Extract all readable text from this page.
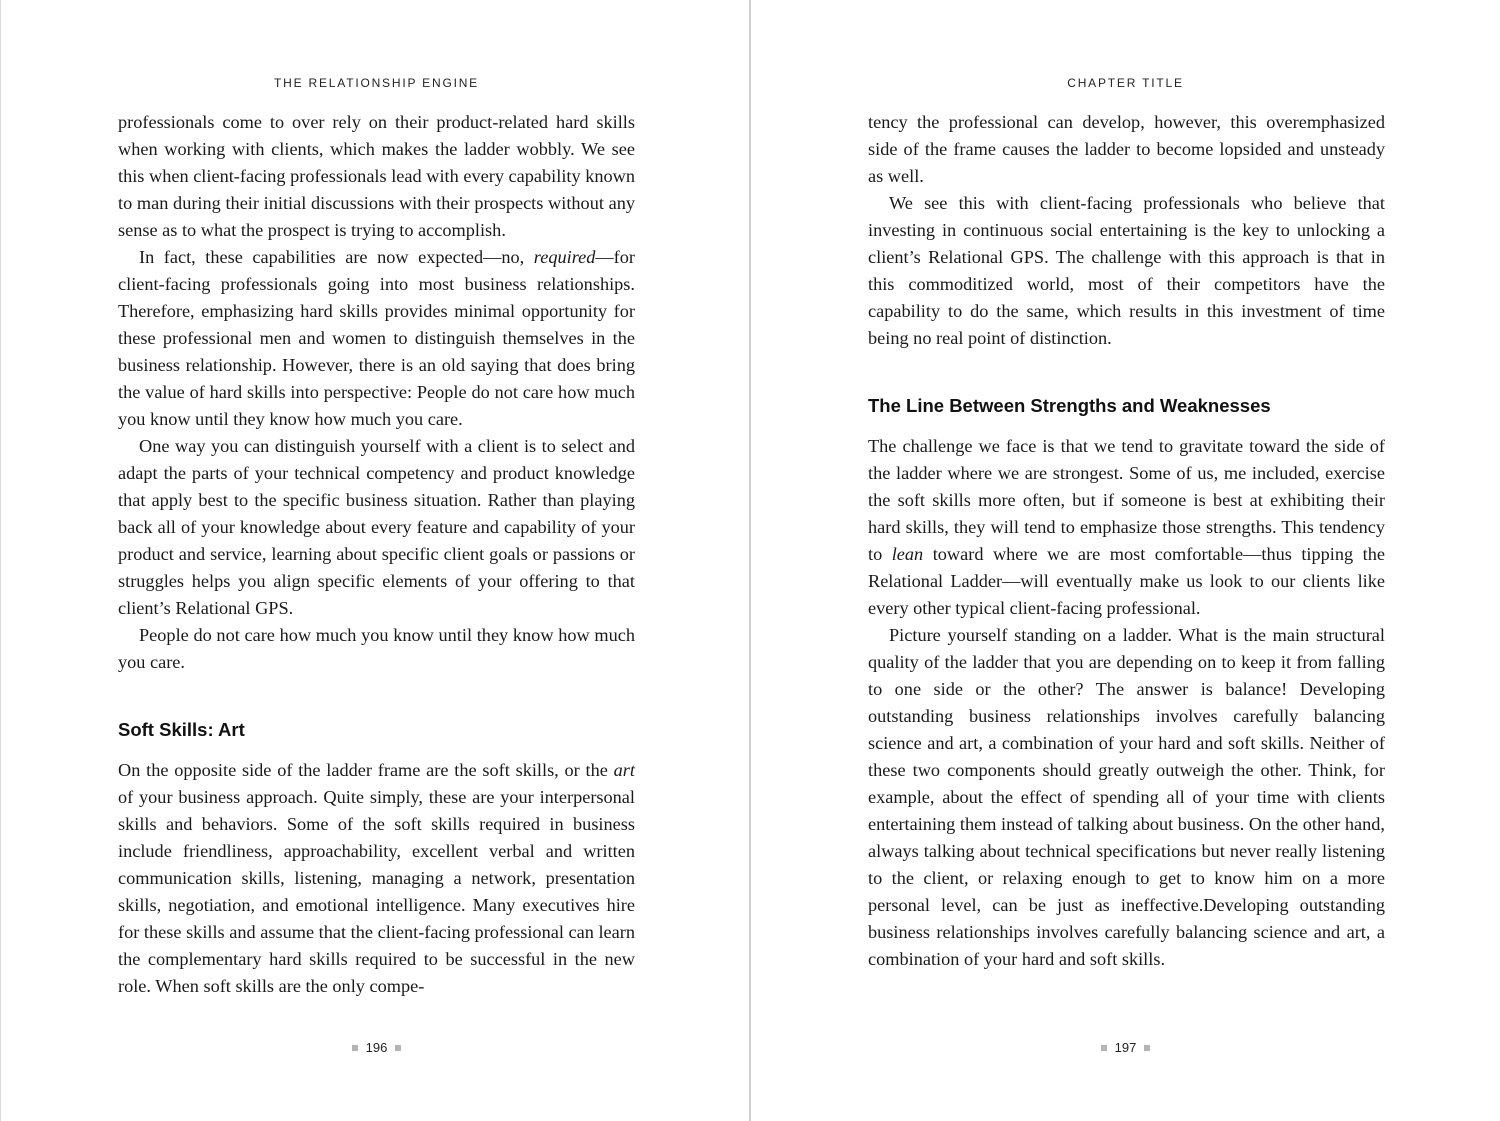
THE RELATIONSHIP ENGINE

professionals come to over rely on their product-related hard skills when working with clients, which makes the ladder wobbly. We see this when client-facing professionals lead with every capability known to man during their initial discussions with their prospects without any sense as to what the prospect is trying to accomplish.

In fact, these capabilities are now expected—no, required—for client-facing professionals going into most business relationships. Therefore, emphasizing hard skills provides minimal opportunity for these professional men and women to distinguish themselves in the business relationship. However, there is an old saying that does bring the value of hard skills into perspective: People do not care how much you know until they know how much you care.

One way you can distinguish yourself with a client is to select and adapt the parts of your technical competency and product knowledge that apply best to the specific business situation. Rather than playing back all of your knowledge about every feature and capability of your product and service, learning about specific client goals or passions or struggles helps you align specific elements of your offering to that client’s Relational GPS.

People do not care how much you know until they know how much you care.

Soft Skills: Art

On the opposite side of the ladder frame are the soft skills, or the art of your business approach. Quite simply, these are your interpersonal skills and behaviors. Some of the soft skills required in business include friendliness, approachability, excellent verbal and written communication skills, listening, managing a network, presentation skills, negotiation, and emotional intelligence. Many executives hire for these skills and assume that the client-facing professional can learn the complementary hard skills required to be successful in the new role. When soft skills are the only compe-

196
CHAPTER TITLE

tency the professional can develop, however, this overemphasized side of the frame causes the ladder to become lopsided and unsteady as well.

We see this with client-facing professionals who believe that investing in continuous social entertaining is the key to unlocking a client’s Relational GPS. The challenge with this approach is that in this commoditized world, most of their competitors have the capability to do the same, which results in this investment of time being no real point of distinction.

The Line Between Strengths and Weaknesses

The challenge we face is that we tend to gravitate toward the side of the ladder where we are strongest. Some of us, me included, exercise the soft skills more often, but if someone is best at exhibiting their hard skills, they will tend to emphasize those strengths. This tendency to lean toward where we are most comfortable—thus tipping the Relational Ladder—will eventually make us look to our clients like every other typical client-facing professional.

Picture yourself standing on a ladder. What is the main structural quality of the ladder that you are depending on to keep it from falling to one side or the other? The answer is balance! Developing outstanding business relationships involves carefully balancing science and art, a combination of your hard and soft skills. Neither of these two components should greatly outweigh the other. Think, for example, about the effect of spending all of your time with clients entertaining them instead of talking about business. On the other hand, always talking about technical specifications but never really listening to the client, or relaxing enough to get to know him on a more personal level, can be just as ineffective.Developing outstanding business relationships involves carefully balancing science and art, a combination of your hard and soft skills.

197
